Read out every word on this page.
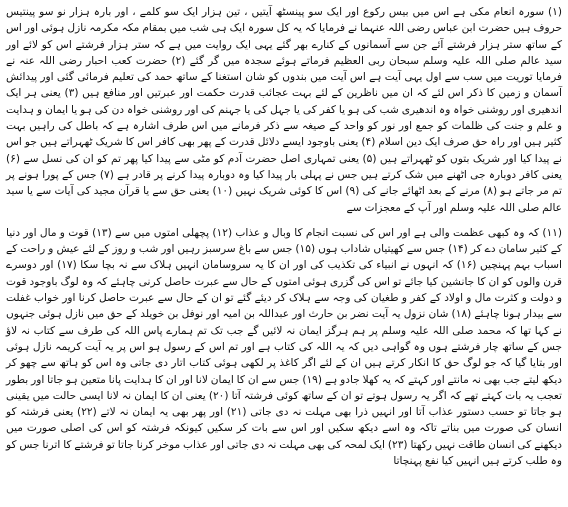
(۱) سورہ انعام مکی ہے اس میں بیس رکوع اور ایک سو پینسٹھ آیتیں ، تین ہزار ایک سو کلمے ، اور بارہ ہزار نو سو پینتیس حروف ہیں حضرت ابن عباس رضی اللہ عنہما نے فرمایا کہ یہ کل سورہ ایک ہی شب میں بمقام مکہ مکرمہ نازل ہوئی اور اس کے ساتھ ستر ہزار فرشتے آئے جن سے آسمانوں کے کنارے بھر گئے یہی ایک روایت میں ہے کہ ستر ہزار فرشتے اس کو لائے اور سید عالم صلی اللہ علیہ وسلم سبحان ربی العظیم فرماتے ہوئے سجدہ میں گر گئے (۲) حضرت کعب احبار رضی اللہ عنہ نے فرمایا توریت میں سب سے اول یہی آیت ہے اس آیت میں بندوں کو شان استغنا کے ساتھ حمد کی تعلیم فرمائی گئی اور پیدائش آسمان و زمین کا ذکر اس لئے کہ ان میں ناظرین کے لئے بہت عجائب قدرت حکمت اور عبرتیں اور منافع ہیں (۳) یعنی ہر ایک اندھیری اور روشنی خواہ وہ اندھیری شب کی ہو یا کفر کی یا جہل کی یا جہنم کی اور روشنی خواہ دن کی ہو یا ایمان و ہدایت و علم و جنت کی ظلمات کو جمع اور نور کو واحد کے صیغہ سے ذکر فرمانے میں اس طرف اشارہ ہے کہ باطل کی راہیں بہت کثیر ہیں اور راہ حق صرف ایک دین اسلام (۴) یعنی باوجود ایسے دلائل قدرت کے پھر بھی کافر اس کا شریک ٹھہراتے ہیں جو اس نے پیدا کیا اور شریک بتوں کو ٹھہراتے ہیں (۵) یعنی تمہاری اصل حضرت آدم کو مٹی سے پیدا کیا پھر تم کو ان کی نسل سے (۶) یعنی کافر دوبارہ جی اٹھنے میں شک کرتے ہیں جس نے پہلی بار پیدا کیا وہ دوبارہ پیدا کرنے پر قادر ہے (۷) جس کے پورا ہونے پر تم مر جاتے ہو (۸) مرنے کے بعد اٹھائے جانے کی (۹) اس کا کوئی شریک نہیں (۱۰) یعنی حق سے یا قرآن مجید کی آیات سے یا سید عالم صلی اللہ علیہ وسلم اور آپ کے معجزات سے

(۱۱) کہ وہ کبھی عظمت والی ہے اور اس کی نسبت انجام کا وبال و عذاب (۱۲) پچھلی امتوں میں سے (۱۳) قوت و مال اور دنیا کے کثیر سامان دے کر (۱۴) جس سے کھیتیاں شاداب ہوں (۱۵) جس سے باغ سرسبز رہیں اور شب و روز کے لئے عیش و راحت کے اسباب بہم پہنچیں (۱۶) کہ انہوں نے انبیاء کی تکذیب کی اور ان کا یہ سروسامان انہیں ہلاک سے نہ بچا سکا (۱۷) اور دوسرے قرن والوں کو ان کا جانشین کیا جائے تو اس کی گزری ہوئی امتوں کے حال سے عبرت حاصل کرنی چاہئے کہ وہ لوگ باوجود قوت و دولت و کثرت مال و اولاد کے کفر و طغیان کی وجہ سے ہلاک کر دیئے گئے تو ان کے حال سے عبرت حاصل کرنا اور خواب غفلت سے بیدار ہونا چاہئے (۱۸) شان نزول یہ آیت نضر بن حارث اور عبداللہ بن امیہ اور نوفل بن خویلد کے حق میں نازل ہوئی جنہوں نے کہا تھا کہ محمد صلی اللہ علیہ وسلم پر ہم ہرگز ایمان نہ لائیں گے جب تک تم ہمارے پاس اللہ کی طرف سے کتاب نہ لاؤ جس کے ساتھ چار فرشتے ہوں وہ گواہی دیں کہ یہ اللہ کی کتاب ہے اور تم اس کے رسول ہو اس پر یہ آیت کریمہ نازل ہوئی اور بتایا گیا کہ جو لوگ حق کا انکار کرتے ہیں ان کے لئے اگر کاغذ پر لکھی ہوئی کتاب اتار دی جاتی وہ اس کو ہاتھ سے چھو کر دیکھ لیتے جب بھی نہ مانتے اور کہتے کہ یہ کھلا جادو ہے (۱۹) جس سے ان کا ایمان لانا اور ان کا ہدایت پانا متعین ہو جاتا اور بطور تعجب یہ بات کہتے تھے کہ اگر یہ رسول ہوتے تو ان کے ساتھ کوئی فرشتہ آتا (۲۰) یعنی ان کا ایمان نہ لانا ایسی حالت میں یقینی ہو جاتا تو حسب دستور عذاب آتا اور انہیں ذرا بھی مہلت نہ دی جاتی (۲۱) اور پھر بھی یہ ایمان نہ لاتے (۲۲) یعنی فرشتہ کو انسان کی صورت میں بناتے تاکہ وہ اسے دیکھ سکیں اور اس سے بات کر سکیں کیونکہ فرشتہ کو اس کی اصلی صورت میں دیکھنے کی انسان طاقت نہیں رکھتا (۲۳) ایک لمحہ کی بھی مہلت نہ دی جاتی اور عذاب موخر کرنا جاتا تو فرشتے کا اترنا جس کو وہ طلب کرتے ہیں انہیں کیا نفع پہنچاتا
